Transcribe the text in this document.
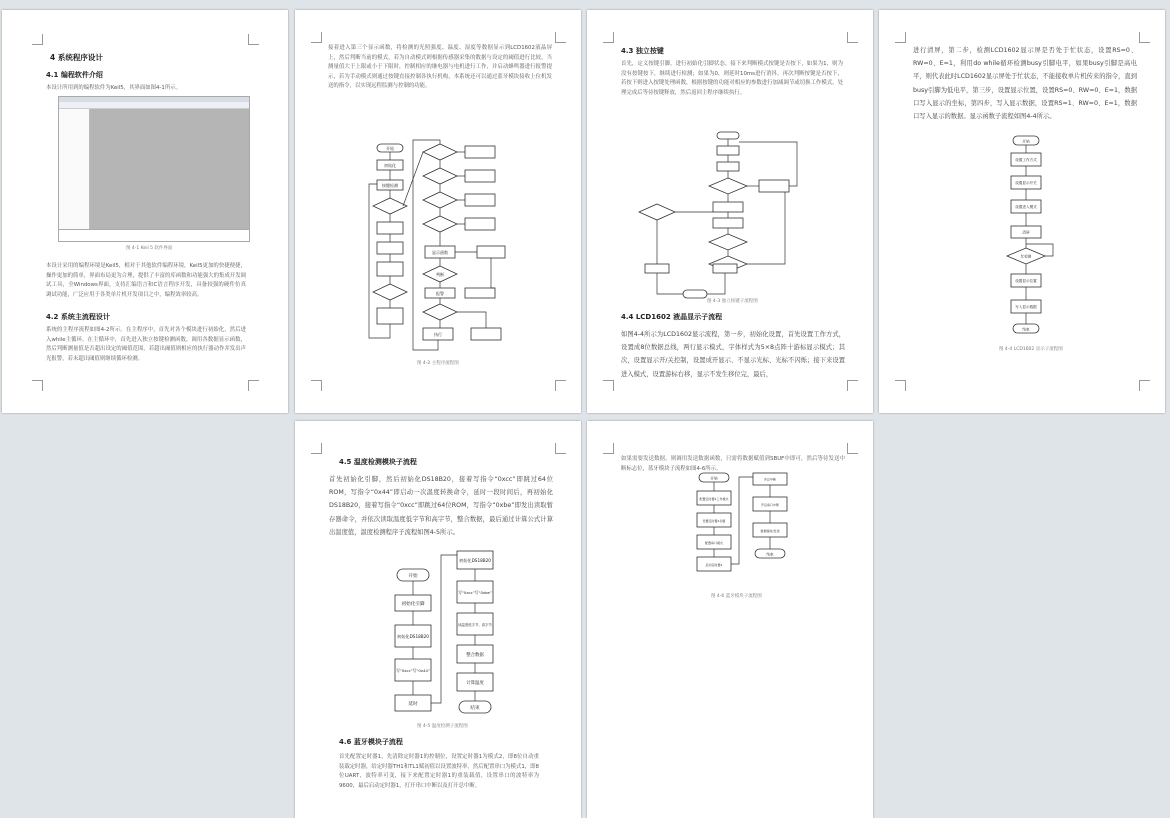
4 系统程序设计
4.1 编程软件介绍
本设计所用到的编程软件为Keil5，其界面如图4-1所示。
图 4-1 Keil 5 软件界面
本设计采用的编程环境是Keil5，相对于其他软件编程环境，Keil5更加的快捷便捷，操作更加的简单，界面布局更为合理，提供了丰富的库函数和功能强大的集成开发调试工具，全Windows界面，支持汇编语言和C语言程序开发，具备较强的硬件仿真调试功能，广泛应用于各类单片机开发项目之中，编程效率较高。
4.2 系统主流程设计
系统的主程序流程如图4-2所示。在主程序中，首先对各个模块进行初始化，然后进入while主循环，在主循环中，首先进入独立按键检测函数，调用各数据显示函数，然后判断测量值是否超出设定的阈值范围，若超出阈值则相应的执行器动作并发出声光报警，若未超出阈值则继续循环检测。
接着进入第三个显示函数，将检测的光照强度、温度、湿度等数据显示到LCD1602液晶屏上，然后判断当前的模式，若为自动模式则根据传感器采集的数据与设定的阈值进行比较，当测量值大于上限或小于下限时，控制相应的继电器与电机进行工作，并启动蜂鸣器进行报警提示，若为手动模式则通过按键直接控制各执行机构，本系统还可以通过蓝牙模块接收上位机发送的指令，以实现远程监测与控制的功能。
开始
初始化
按键检测
显示函数
判断
报警
执行
图 4-2 主程序流程图
4.3 独立按键
首先，定义按键引脚，进行初始化引脚状态。接下来判断模式按键是否按下，如果为1，则为没有按键按下，继续进行检测；如果为0，则延时10ms进行消抖，再次判断按键是否按下，若按下则进入按键处理函数，根据按键的功能对相应的参数进行加减调节或切换工作模式，处理完成后等待按键释放，然后返回主程序继续执行。
图 4-3 独立按键子流程图
4.4 LCD1602 液晶显示子流程
如图4-4所示为LCD1602显示流程，第一步，初始化设置，首先设置工作方式，设置成8位数据总线，两行显示模式，字体样式为5×8点阵十游标显示模式；其次，设置显示开/关控制，设置成开显示、不显示光标、光标不闪烁；接下来设置进入模式，设置游标右移，显示不发生移位完，最后，
进行清屏，第二步，检测LCD1602显示屏是否处于忙状态，设置RS=0、RW=0、E=1，利用do while循环检测busy引脚电平，如果busy引脚是高电平，则代表此时LCD1602显示屏处于忙状态，不能接收单片机传来的指令，直到busy引脚为低电平，第三步，设置显示位置，设置RS=0、RW=0、E=1，数据口写入显示的坐标，第四步，写入显示数据，设置RS=1、RW=0、E=1，数据口写入显示的数据。显示函数子流程如图4-4所示。
开始
设置工作方式
设置显示开关
设置进入模式
清屏
忙检测
设置显示位置
写入显示数据
结束
图 4-4 LCD1602 显示子流程图
4.5 温度检测模块子流程
首先初始化引脚，然后初始化DS18B20，接着写指令“0xcc”即跳过64位ROM，写指令“0x44”即启动一次温度转换命令，延时一段时间后，再初始化DS18B20，接着写指令“0xcc”即跳过64位ROM，写指令“0xbe”即发出读取暂存器命令，并依次读取温度低字节和高字节，整合数据，最后通过计算公式计算出温度值，温度检测程序子流程如图4-5所示。
开始
初始化引脚
初始化DS18B20
写“0xcc”写“0x44”
延时
初始化DS18B20
写“0xcc”写“0xbe”
读温度低字节、高字节
整合数据
计算温度
结束
图 4-5 温度检测子流程图
4.6 蓝牙模块子流程
首先配置定时器1，先清除定时器1的控制位，设置定时器1为模式2，即8位自动重装载定时器，给定时器TH1和TL1赋初值以设置波特率，然后配置串口为模式1，即8位UART，波特率可变，接下来配置定时器1的重装载值，设置串口的波特率为9600，最后启动定时器1，打开串口中断以及打开总中断。
如果需要发送数据，则调用发送数据函数，只需将数据赋值到SBUF中即可，然后等待发送中断标志位，蓝牙模块子流程如图4-6所示。
开始
配置定时器1工作模式
设置定时器1初值
配置串口模式
启动定时器1
开总中断
开启串口中断
数据接收/发送
结束
图 4-6 蓝牙模块子流程图
